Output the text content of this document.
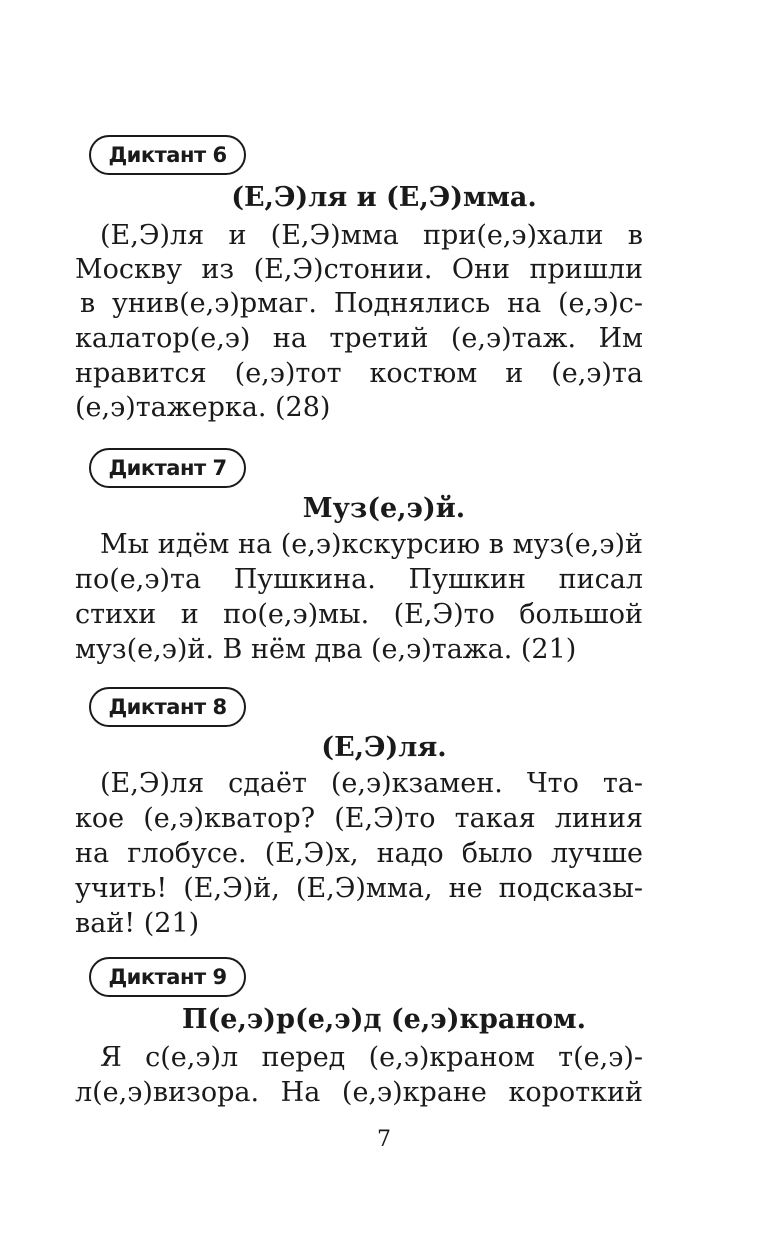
Диктант 6
(Е,Э)ля и (Е,Э)мма.
(Е,Э)ля и (Е,Э)мма при(е,э)хали в
Москву из (Е,Э)стонии. Они пришли
в унив(е,э)рмаг. Поднялись на (е,э)с-
калатор(е,э) на третий (е,э)таж. Им
нравится (е,э)тот костюм и (е,э)та
(е,э)тажерка. (28)
Диктант 7
Муз(е,э)й.
Мы идём на (е,э)кскурсию в муз(е,э)й
по(е,э)та Пушкина. Пушкин писал
стихи и по(е,э)мы. (Е,Э)то большой
муз(е,э)й. В нём два (е,э)тажа. (21)
Диктант 8
(Е,Э)ля.
(Е,Э)ля сдаёт (е,э)кзамен. Что та-
кое (е,э)кватор? (Е,Э)то такая линия
на глобусе. (Е,Э)х, надо было лучше
учить! (Е,Э)й, (Е,Э)мма, не подсказы-
вай! (21)
Диктант 9
П(е,э)р(е,э)д (е,э)краном.
Я с(е,э)л перед (е,э)краном т(е,э)-
л(е,э)визора. На (е,э)кране короткий
7
